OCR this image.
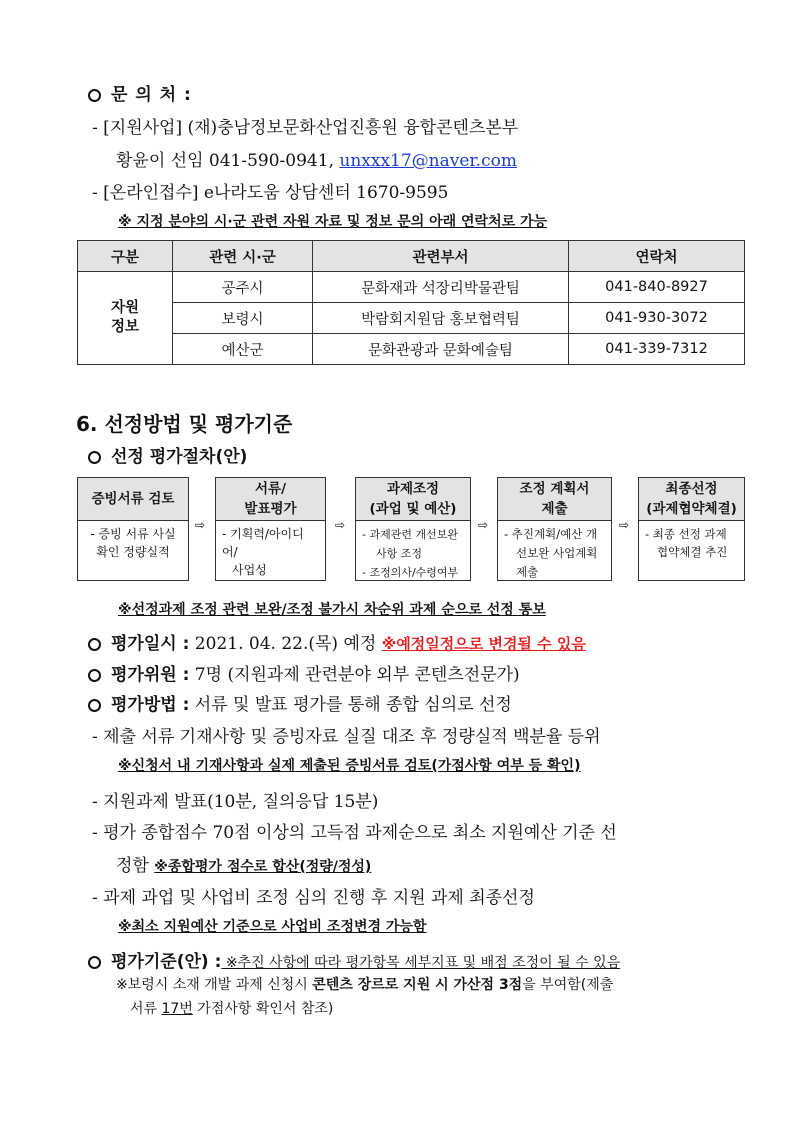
문 의 처 :
- [지원사업] (재)충남정보문화산업진흥원 융합콘텐츠본부
황윤이 선임 041-590-0941, unxxx17@naver.com
- [온라인접수] e나라도움 상담센터 1670-9595
※ 지정 분야의 시·군 관련 자원 자료 및 정보 문의 아래 연락처로 가능
구분	관련 시·군	관련부서	연락처
자원
정보	공주시	문화재과 석장리박물관팀	041-840-8927
	보령시	박람회지원담 홍보협력팀	041-930-3072
	예산군	문화관광과 문화예술팀	041-339-7312
6. 선정방법 및 평가기준
선정 평가절차(안)
증빙서류 검토
- 증빙 서류 사실
확인 정량실적
⇨
서류/
발표평가
- 기획력/아이디어/
사업성
⇨
과제조정
(과업 및 예산)
- 과제관련 개선보완
사항 조정
- 조정의사/수령여부
⇨
조정 계획서
제출
- 추진계획/예산 개
선보완 사업계획
제출
⇨
최종선정
(과제협약체결)
- 최종 선정 과제
협약체결 추진
※선정과제 조정 관련 보완/조정 불가시 차순위 과제 순으로 선정 통보
평가일시 : 2021. 04. 22.(목) 예정 ※예정일정으로 변경될 수 있음
평가위원 : 7명 (지원과제 관련분야 외부 콘텐츠전문가)
평가방법 : 서류 및 발표 평가를 통해 종합 심의로 선정
- 제출 서류 기재사항 및 증빙자료 실질 대조 후 정량실적 백분율 등위
※신청서 내 기재사항과 실제 제출된 증빙서류 검토(가점사항 여부 등 확인)
- 지원과제 발표(10분, 질의응답 15분)
- 평가 종합점수 70점 이상의 고득점 과제순으로 최소 지원예산 기준 선
정함 ※종합평가 점수로 합산(정량/정성)
- 과제 과업 및 사업비 조정 심의 진행 후 지원 과제 최종선정
※최소 지원예산 기준으로 사업비 조정변경 가능함
평가기준(안) : ※추진 사항에 따라 평가항목 세부지표 및 배점 조정이 될 수 있음
※보령시 소재 개발 과제 신청시 콘텐츠 장르로 지원 시 가산점 3점을 부여함(제출
서류 17번 가점사항 확인서 참조)
